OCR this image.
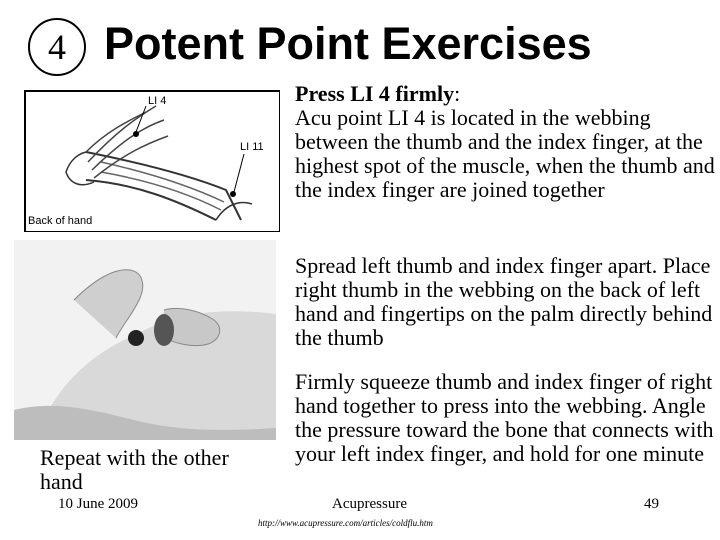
4 Potent Point Exercises
LI 4
LI 11
Back of hand
Press LI 4 firmly:
Acu point LI 4 is located in the webbing between the thumb and the index finger, at the highest spot of the muscle, when the thumb and the index finger are joined together
Spread left thumb and index finger apart. Place right thumb in the webbing on the back of left hand and fingertips on the palm directly behind the thumb
Firmly squeeze thumb and index finger of right hand together to press into the webbing. Angle the pressure toward the bone that connects with your left index finger, and hold for one minute
Repeat with the other hand
10 June 2009	Acupressure	49
http://www.acupressure.com/articles/coldflu.htm
